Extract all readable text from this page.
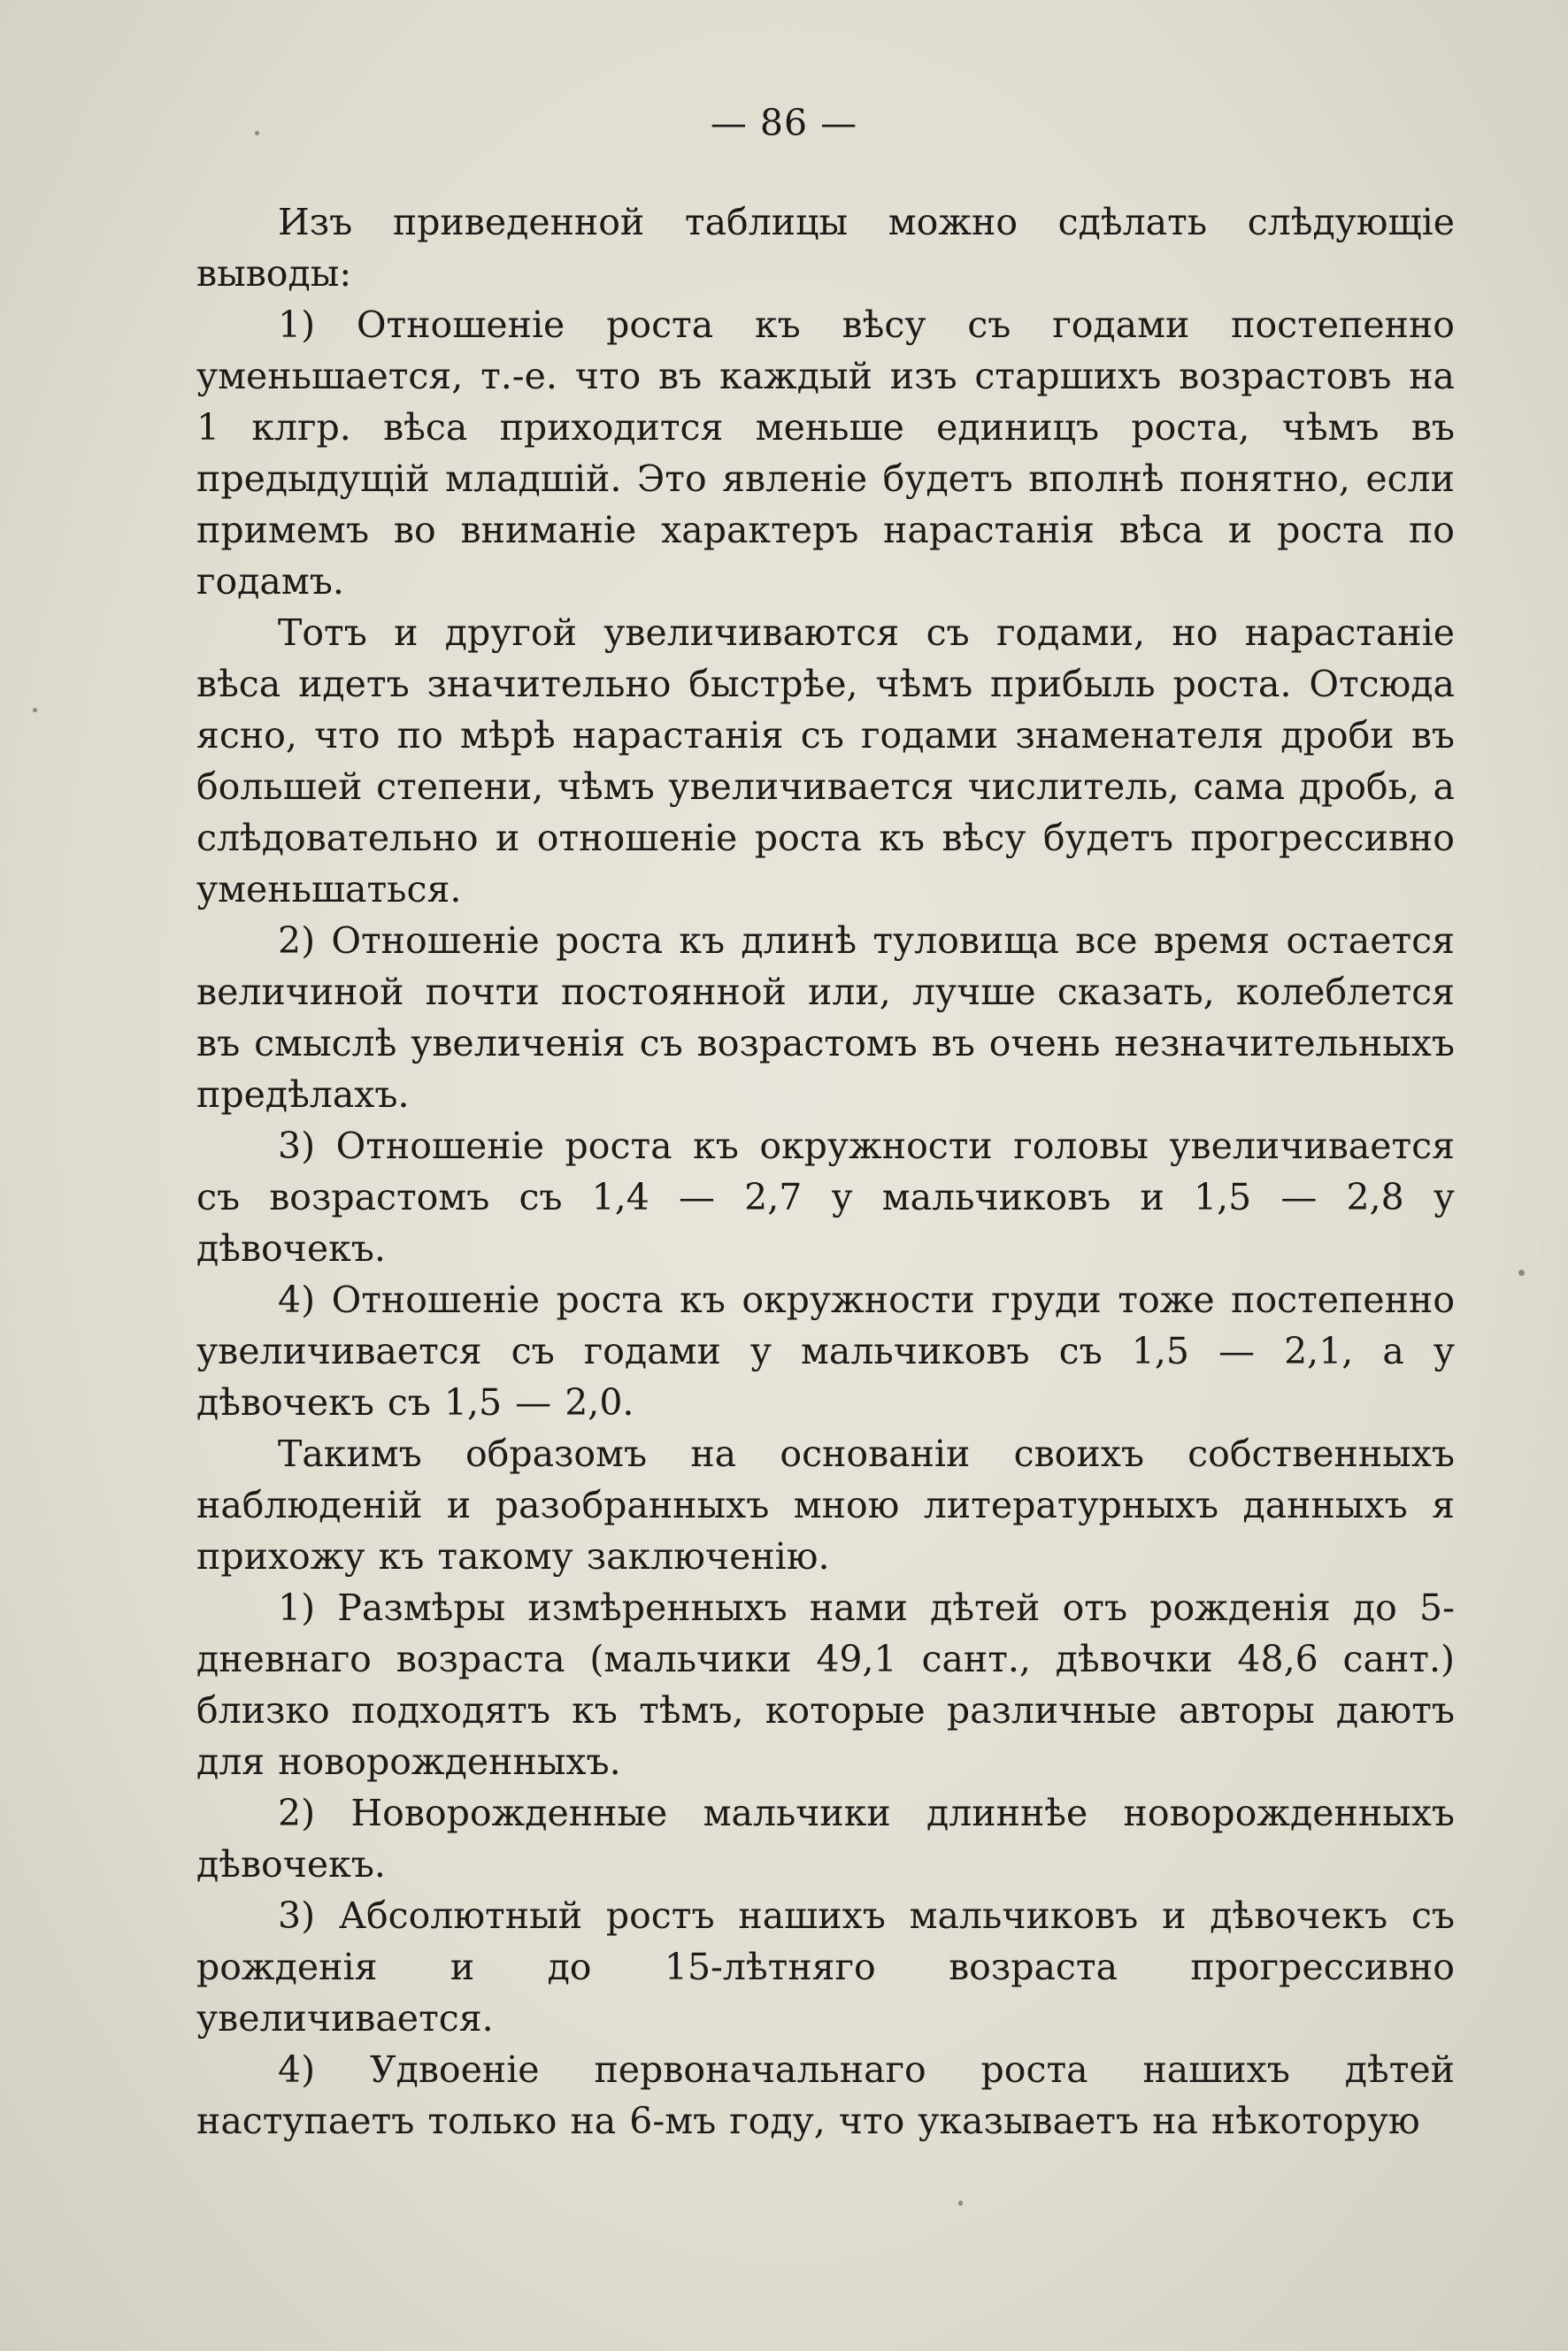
— 86 —

Изъ приведенной таблицы можно сдѣлать слѣдующіе выводы:

1) Отношеніе роста къ вѣсу съ годами постепенно уменьшается, т.-е. что въ каждый изъ старшихъ возрастовъ на 1 клгр. вѣса приходится меньше единицъ роста, чѣмъ въ предыдущій младшій. Это явленіе будетъ вполнѣ понятно, если примемъ во вниманіе характеръ нарастанія вѣса и роста по годамъ.

Тотъ и другой увеличиваются съ годами, но нарастаніе вѣса идетъ значительно быстрѣе, чѣмъ прибыль роста. Отсюда ясно, что по мѣрѣ нарастанія съ годами знаменателя дроби въ большей степени, чѣмъ увеличивается числитель, сама дробь, а слѣдовательно и отношеніе роста къ вѣсу будетъ прогрессивно уменьшаться.

2) Отношеніе роста къ длинѣ туловища все время остается величиной почти постоянной или, лучше сказать, колеблется въ смыслѣ увеличенія съ возрастомъ въ очень незначительныхъ предѣлахъ.

3) Отношеніе роста къ окружности головы увеличивается съ возрастомъ съ 1,4 — 2,7 у мальчиковъ и 1,5 — 2,8 у дѣвочекъ.

4) Отношеніе роста къ окружности груди тоже постепенно увеличивается съ годами у мальчиковъ съ 1,5 — 2,1, а у дѣвочекъ съ 1,5 — 2,0.

Такимъ образомъ на основаніи своихъ собственныхъ наблюденій и разобранныхъ мною литературныхъ данныхъ я прихожу къ такому заключенію.

1) Размѣры измѣренныхъ нами дѣтей отъ рожденія до 5-дневнаго возраста (мальчики 49,1 сант., дѣвочки 48,6 сант.) близко подходятъ къ тѣмъ, которые различные авторы даютъ для новорожденныхъ.

2) Новорожденные мальчики длиннѣе новорожденныхъ дѣвочекъ.

3) Абсолютный ростъ нашихъ мальчиковъ и дѣвочекъ съ рожденія и до 15-лѣтняго возраста прогрессивно увеличивается.

4) Удвоеніе первоначальнаго роста нашихъ дѣтей наступаетъ только на 6-мъ году, что указываетъ на нѣкоторую
